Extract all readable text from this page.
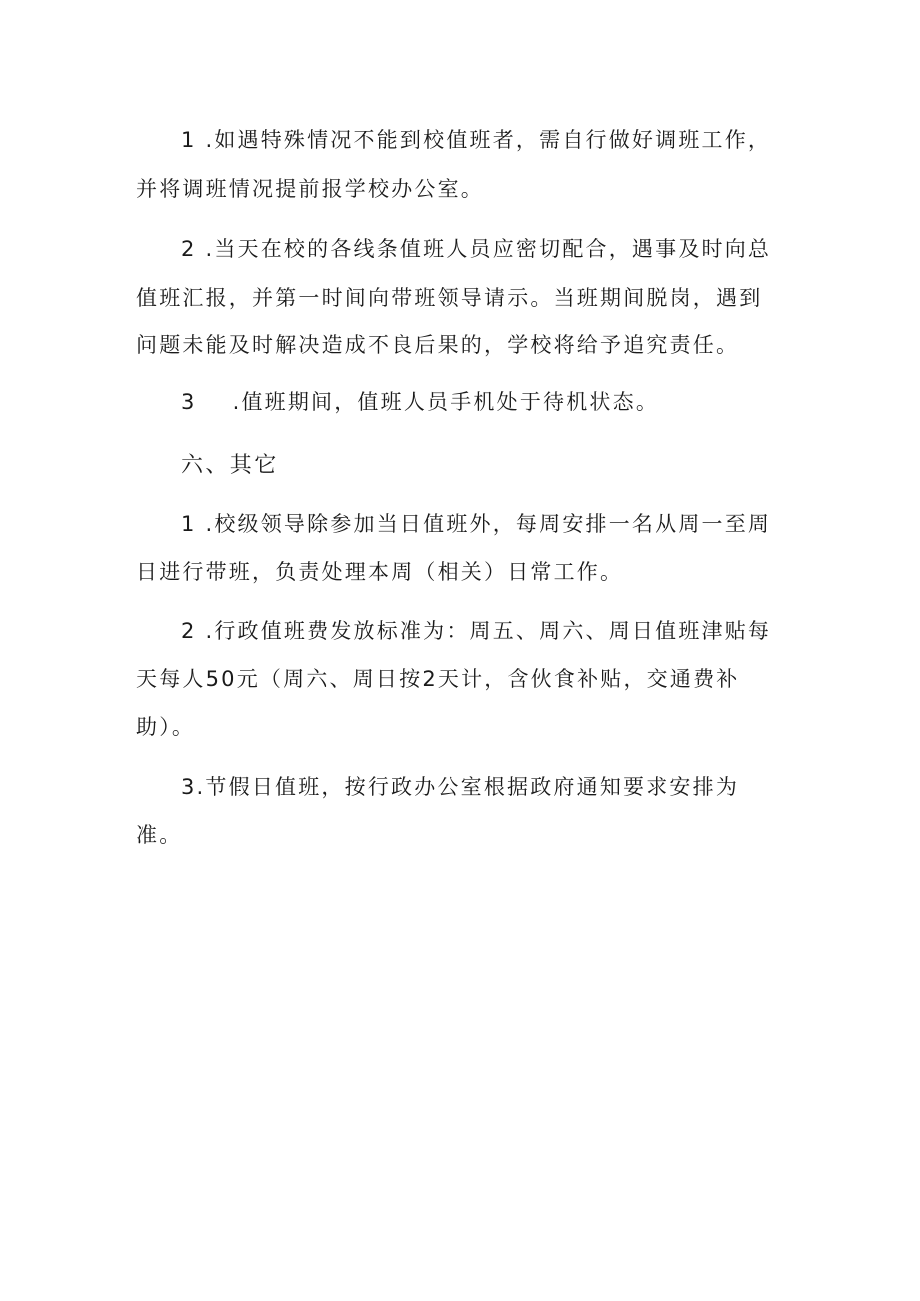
1 .如遇特殊情况不能到校值班者，需自行做好调班工作，

并将调班情况提前报学校办公室。

2 .当天在校的各线条值班人员应密切配合，遇事及时向总

值班汇报，并第一时间向带班领导请示。当班期间脱岗，遇到

问题未能及时解决造成不良后果的，学校将给予追究责任。

3 .值班期间，值班人员手机处于待机状态。

六、其它

1 .校级领导除参加当日值班外，每周安排一名从周一至周

日进行带班，负责处理本周（相关）日常工作。

2 .行政值班费发放标准为：周五、周六、周日值班津贴每

天每人50元（周六、周日按2天计，含伙食补贴，交通费补

助）。

3.节假日值班，按行政办公室根据政府通知要求安排为

准。
